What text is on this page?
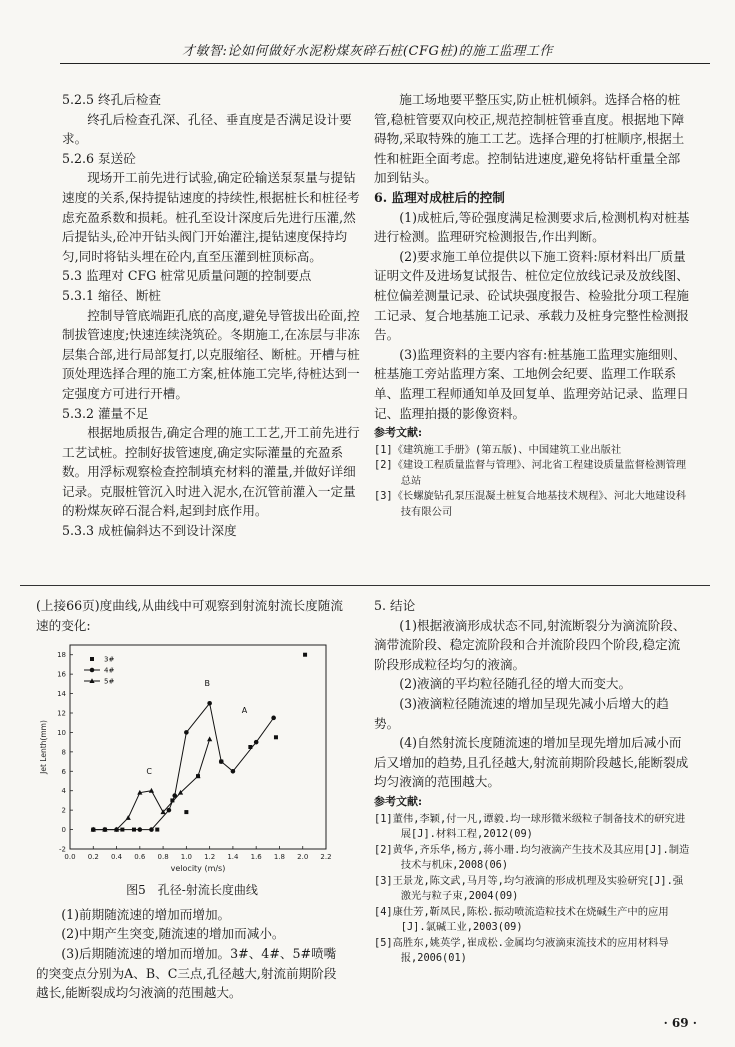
才敏智:论如何做好水泥粉煤灰碎石桩(CFG桩)的施工监理工作

5.2.5 终孔后检查

终孔后检查孔深、孔径、垂直度是否满足设计要求。

5.2.6 泵送砼

现场开工前先进行试验,确定砼输送泵泵量与提钻速度的关系,保持提钻速度的持续性,根据桩长和桩径考虑充盈系数和损耗。桩孔至设计深度后先进行压灌,然后提钻头,砼冲开钻头阀门开始灌注,提钻速度保持均匀,同时将钻头埋在砼内,直至压灌到桩顶标高。

5.3 监理对 CFG 桩常见质量问题的控制要点

5.3.1 缩径、断桩

控制导管底端距孔底的高度,避免导管拔出砼面,控制拔管速度;快速连续浇筑砼。冬期施工,在冻层与非冻层集合部,进行局部复打,以克服缩径、断桩。开槽与桩顶处理选择合理的施工方案,桩体施工完毕,待桩达到一定强度方可进行开槽。

5.3.2 灌量不足

根据地质报告,确定合理的施工工艺,开工前先进行工艺试桩。控制好拔管速度,确定实际灌量的充盈系数。用浮标观察检查控制填充材料的灌量,并做好详细记录。克服桩管沉入时进入泥水,在沉管前灌入一定量的粉煤灰碎石混合料,起到封底作用。

5.3.3 成桩偏斜达不到设计深度

施工场地要平整压实,防止桩机倾斜。选择合格的桩管,稳桩管要双向校正,规范控制桩管垂直度。根据地下障碍物,采取特殊的施工工艺。选择合理的打桩顺序,根据土性和桩距全面考虑。控制钻进速度,避免将钻杆重量全部加到钻头。

6. 监理对成桩后的控制

(1)成桩后,等砼强度满足检测要求后,检测机构对桩基进行检测。监理研究检测报告,作出判断。

(2)要求施工单位提供以下施工资料:原材料出厂质量证明文件及进场复试报告、桩位定位放线记录及放线图、桩位偏差测量记录、砼试块强度报告、检验批分项工程施工记录、复合地基施工记录、承载力及桩身完整性检测报告。

(3)监理资料的主要内容有:桩基施工监理实施细则、桩基施工旁站监理方案、工地例会纪要、监理工作联系单、监理工程师通知单及回复单、监理旁站记录、监理日记、监理拍摄的影像资料。

参考文献:

[1]《建筑施工手册》(第五版)、中国建筑工业出版社

[2]《建设工程质量监督与管理》、河北省工程建设质量监督检测管理总站

[3]《长螺旋钻孔泵压混凝土桩复合地基技术规程》、河北大地建设科技有限公司

(上接66页)度曲线,从曲线中可观察到射流射流长度随流速的变化:

0.0 0.2 0.4 0.6 0.8 1.0 1.2 1.4 1.6 1.8 2.0 2.2
-2
0
2
4
6
8
10
12
14
16
18
velocity (m/s)
Jet Lenth(mm)
3#
4#
5#
A
B
C
图5　孔径-射流长度曲线

(1)前期随流速的增加而增加。

(2)中期产生突变,随流速的增加而减小。

(3)后期随流速的增加而增加。3#、4#、5#喷嘴的突变点分别为A、B、C三点,孔径越大,射流前期阶段越长,能断裂成均匀液滴的范围越大。

5. 结论

(1)根据液滴形成状态不同,射流断裂分为滴流阶段、滴带流阶段、稳定流阶段和合并流阶段四个阶段,稳定流阶段形成粒径均匀的液滴。

(2)液滴的平均粒径随孔径的增大而变大。

(3)液滴粒径随流速的增加呈现先减小后增大的趋势。

(4)自然射流长度随流速的增加呈现先增加后减小而后又增加的趋势,且孔径越大,射流前期阶段越长,能断裂成均匀液滴的范围越大。

参考文献:

[1]董伟,李颖,付一凡,谭毅.均一球形微米级粒子制备技术的研究进展[J].材料工程,2012(09)

[2]黄华,齐乐华,杨方,蒋小珊.均匀液滴产生技术及其应用[J].制造技术与机床,2008(06)

[3]王景龙,陈文武,马月等,均匀液滴的形成机理及实验研究[J].强激光与粒子束,2004(09)

[4]康仕芳,靳凤民,陈松.振动喷流造粒技术在烧碱生产中的应用[J].氯碱工业,2003(09)

[5]高胜东,姚英学,崔成松.金属均匀液滴束流技术的应用材料导报,2006(01)

· 69 ·
